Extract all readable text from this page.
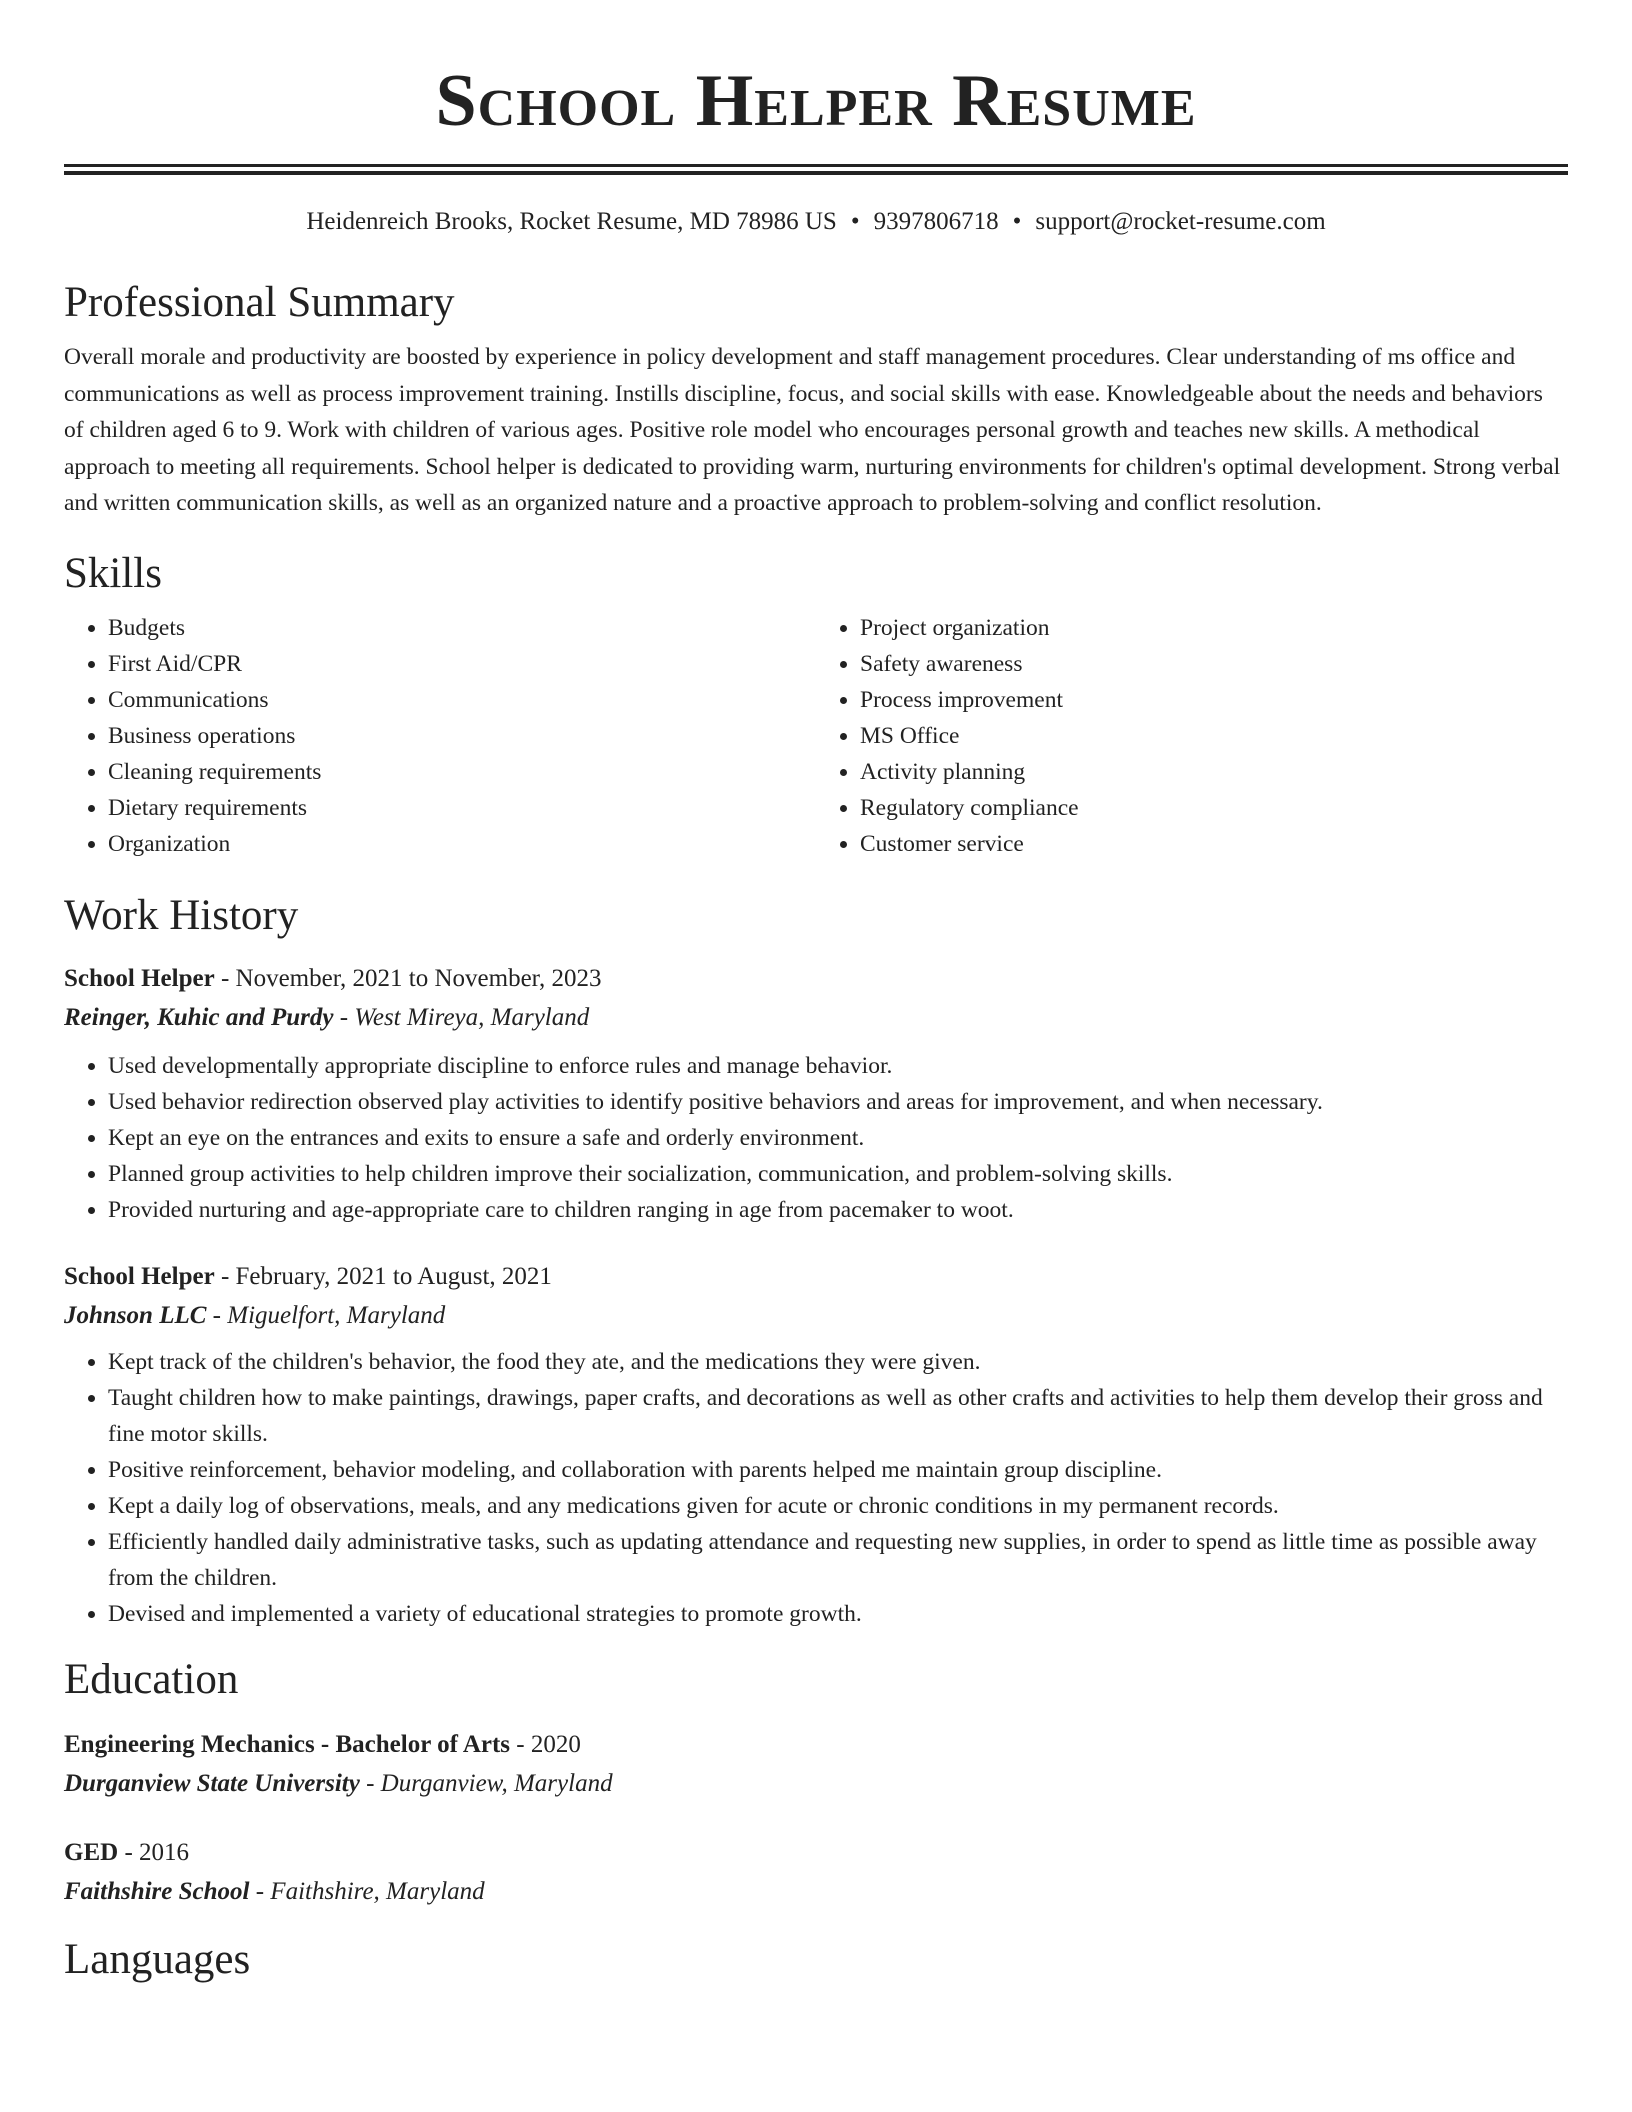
School Helper Resume
Heidenreich Brooks, Rocket Resume, MD 78986 US • 9397806718 • support@rocket-resume.com
Professional Summary

Overall morale and productivity are boosted by experience in policy development and staff management procedures. Clear understanding of ms office and communications as well as process improvement training. Instills discipline, focus, and social skills with ease. Knowledgeable about the needs and behaviors of children aged 6 to 9. Work with children of various ages. Positive role model who encourages personal growth and teaches new skills. A methodical approach to meeting all requirements. School helper is dedicated to providing warm, nurturing environments for children's optimal development. Strong verbal and written communication skills, as well as an organized nature and a proactive approach to problem-solving and conflict resolution.

Skills
• Budgets
• First Aid/CPR
• Communications
• Business operations
• Cleaning requirements
• Dietary requirements
• Organization
• Project organization
• Safety awareness
• Process improvement
• MS Office
• Activity planning
• Regulatory compliance
• Customer service
Work History
School Helper - November, 2021 to November, 2023
Reinger, Kuhic and Purdy - West Mireya, Maryland
• Used developmentally appropriate discipline to enforce rules and manage behavior.
• Used behavior redirection observed play activities to identify positive behaviors and areas for improvement, and when necessary.
• Kept an eye on the entrances and exits to ensure a safe and orderly environment.
• Planned group activities to help children improve their socialization, communication, and problem-solving skills.
• Provided nurturing and age-appropriate care to children ranging in age from pacemaker to woot.
School Helper - February, 2021 to August, 2021
Johnson LLC - Miguelfort, Maryland
• Kept track of the children's behavior, the food they ate, and the medications they were given.
• Taught children how to make paintings, drawings, paper crafts, and decorations as well as other crafts and activities to help them develop their gross and fine motor skills.
• Positive reinforcement, behavior modeling, and collaboration with parents helped me maintain group discipline.
• Kept a daily log of observations, meals, and any medications given for acute or chronic conditions in my permanent records.
• Efficiently handled daily administrative tasks, such as updating attendance and requesting new supplies, in order to spend as little time as possible away from the children.
• Devised and implemented a variety of educational strategies to promote growth.
Education
Engineering Mechanics - Bachelor of Arts - 2020
Durganview State University - Durganview, Maryland
GED - 2016
Faithshire School - Faithshire, Maryland
Languages
